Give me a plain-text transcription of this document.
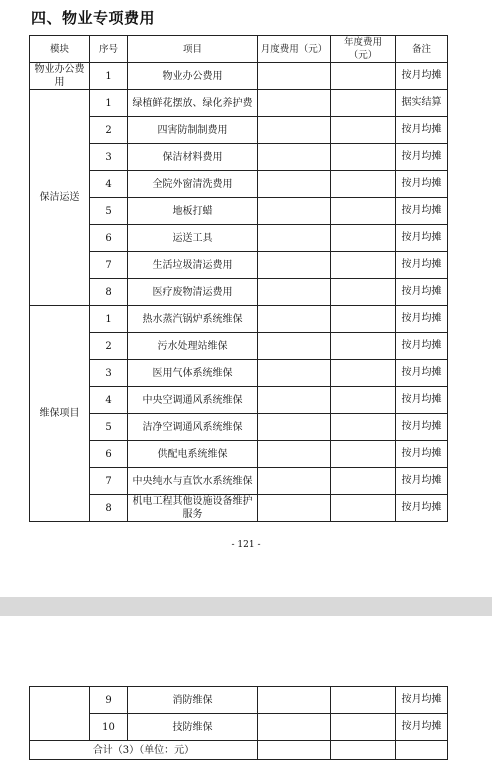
四、物业专项费用
模块	序号	项目	月度费用（元）	年度费用（元）	备注
物业办公费用	1	物业办公费用			按月均摊
保洁运送	1	绿植鲜花摆放、绿化养护费			据实结算
	2	四害防制制费用			按月均摊
	3	保洁材料费用			按月均摊
	4	全院外窗清洗费用			按月均摊
	5	地板打蜡			按月均摊
	6	运送工具			按月均摊
	7	生活垃圾清运费用			按月均摊
	8	医疗废物清运费用			按月均摊
维保项目	1	热水蒸汽锅炉系统维保			按月均摊
	2	污水处理站维保			按月均摊
	3	医用气体系统维保			按月均摊
	4	中央空调通风系统维保			按月均摊
	5	洁净空调通风系统维保			按月均摊
	6	供配电系统维保			按月均摊
	7	中央纯水与直饮水系统维保			按月均摊
	8	机电工程其他设施设备维护服务			按月均摊
- 121 -
	9	消防维保			按月均摊
	10	技防维保			按月均摊
合计（3）（单位：元）					
